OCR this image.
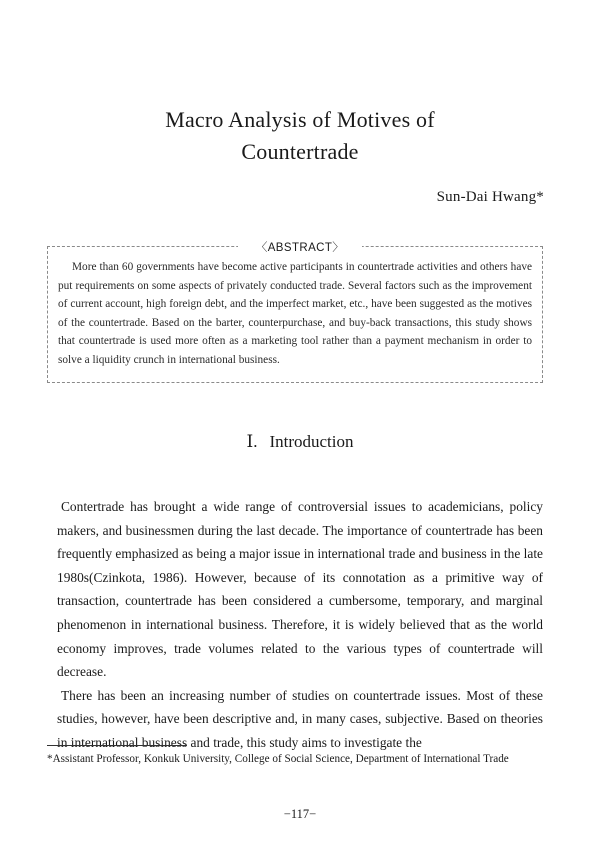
Macro Analysis of Motives of
Countertrade
Sun-Dai Hwang*
〈ABSTRACT〉
More than 60 governments have become active participants in countertrade activities and others have put requirements on some aspects of privately conducted trade. Several factors such as the improvement of current account, high foreign debt, and the imperfect market, etc., have been suggested as the motives of the countertrade. Based on the barter, counterpurchase, and buy-back transactions, this study shows that countertrade is used more often as a marketing tool rather than a payment mechanism in order to solve a liquidity crunch in international business.
Ⅰ. Introduction

Contertrade has brought a wide range of controversial issues to academicians, policy makers, and businessmen during the last decade. The importance of countertrade has been frequently emphasized as being a major issue in international trade and business in the late 1980s(Czinkota, 1986). However, because of its connotation as a primitive way of transaction, countertrade has been considered a cumbersome, temporary, and marginal phenomenon in international business. Therefore, it is widely believed that as the world economy improves, trade volumes related to the various types of countertrade will decrease.

There has been an increasing number of studies on countertrade issues. Most of these studies, however, have been descriptive and, in many cases, subjective. Based on theories in international business and trade, this study aims to investigate the

*Assistant Professor, Konkuk University, College of Social Science, Department of International Trade
−117−
